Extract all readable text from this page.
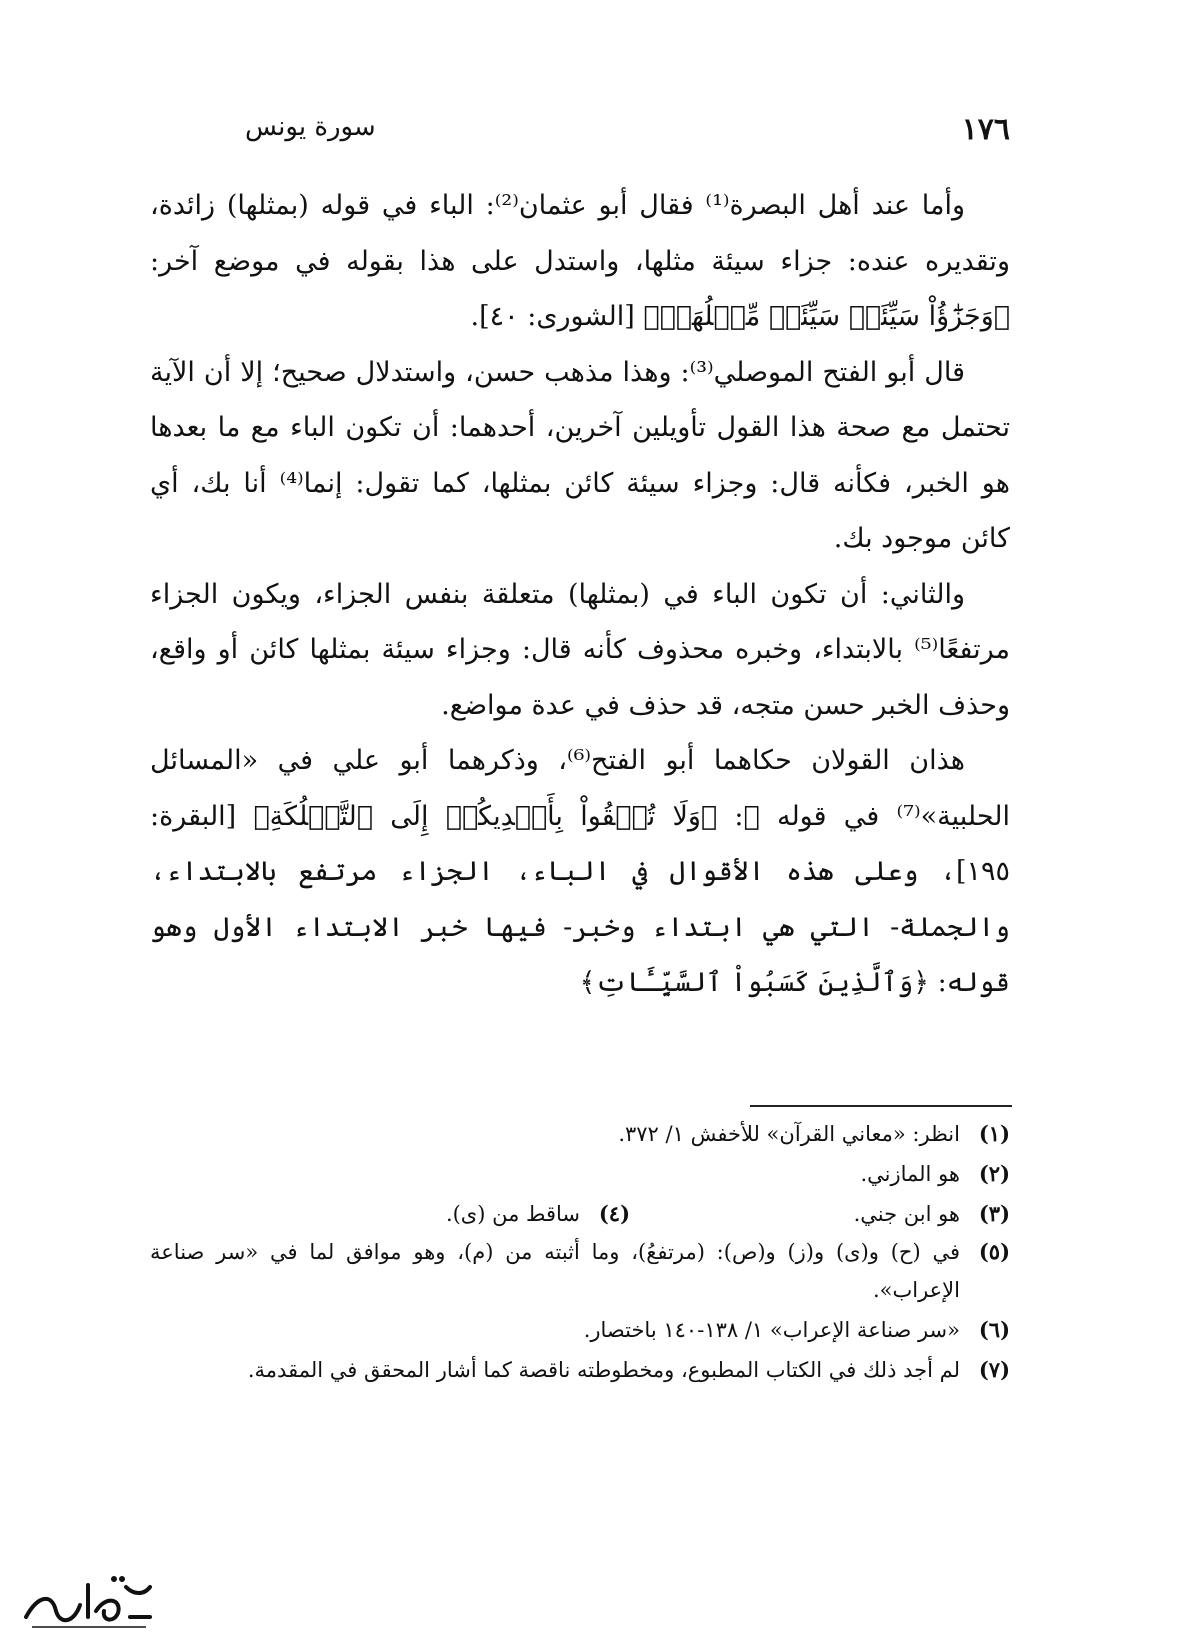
١٧٦
سورة يونس

وأما عند أهل البصرة⁽¹⁾ فقال أبو عثمان⁽²⁾: الباء في قوله (بمثلها) زائدة، وتقديره عنده: جزاء سيئة مثلها، واستدل على هذا بقوله في موضع آخر: ﴿وَجَزَٰٓؤُاْ سَيِّئَةٖ سَيِّئَةٞ مِّثۡلُهَاۖ﴾ [الشورى: ٤٠].

قال أبو الفتح الموصلي⁽³⁾: وهذا مذهب حسن، واستدلال صحيح؛ إلا أن الآية تحتمل مع صحة هذا القول تأويلين آخرين، أحدهما: أن تكون الباء مع ما بعدها هو الخبر، فكأنه قال: وجزاء سيئة كائن بمثلها، كما تقول: إنما⁽⁴⁾ أنا بك، أي كائن موجود بك.

والثاني: أن تكون الباء في (بمثلها) متعلقة بنفس الجزاء، ويكون الجزاء مرتفعًا⁽⁵⁾ بالابتداء، وخبره محذوف كأنه قال: وجزاء سيئة بمثلها كائن أو واقع، وحذف الخبر حسن متجه، قد حذف في عدة مواضع.

هذان القولان حكاهما أبو الفتح⁽⁶⁾، وذكرهما أبو علي في «المسائل الحلبية»⁽⁷⁾ في قوله ﷻ: ﴿وَلَا تُلۡقُواْ بِأَيۡدِيكُمۡ إِلَى ٱلتَّهۡلُكَةِ﴾ [البقرة: ١٩٥]، وعلى هذه الأقوال في الباء، الجزاء مرتفع بالابتداء، والجملة- التي هي ابتداء وخبر- فيها خبر الابتداء الأول وهو قوله: ﴿وَٱلَّذِينَ كَسَبُواْ ٱلسَّيِّـَٔاتِ﴾

(١)
انظر: «معاني القرآن» للأخفش ١/ ٣٧٢.
(٢)
هو المازني.
(٣)
هو ابن جني.
(٤)
ساقط من (ى).
(٥)
في (ح) و(ى) و(ز) و(ص): (مرتفعُ)، وما أثبته من (م)، وهو موافق لما في «سر صناعة الإعراب».
(٦)
«سر صناعة الإعراب» ١/ ١٣٨-١٤٠ باختصار.
(٧)
لم أجد ذلك في الكتاب المطبوع، ومخطوطته ناقصة كما أشار المحقق في المقدمة.
